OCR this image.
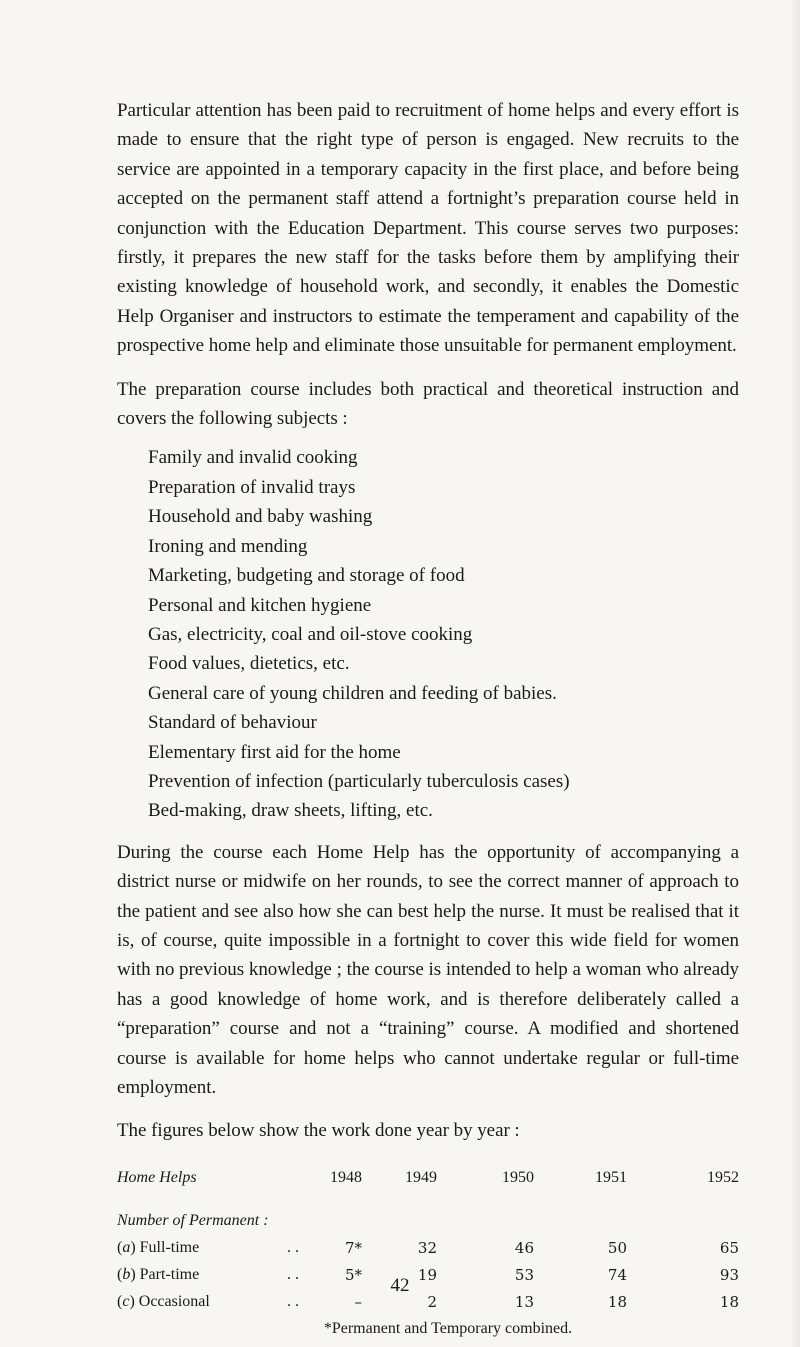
Particular attention has been paid to recruitment of home helps and every effort is made to ensure that the right type of person is engaged. New recruits to the service are appointed in a temporary capacity in the first place, and before being accepted on the permanent staff attend a fortnight’s preparation course held in conjunction with the Education Department. This course serves two purposes: firstly, it prepares the new staff for the tasks before them by amplifying their existing knowledge of household work, and secondly, it enables the Domestic Help Organiser and instructors to estimate the temperament and capability of the prospective home help and eliminate those unsuitable for permanent employment.

The preparation course includes both practical and theoretical instruction and covers the following subjects :

Family and invalid cooking
Preparation of invalid trays
Household and baby washing
Ironing and mending
Marketing, budgeting and storage of food
Personal and kitchen hygiene
Gas, electricity, coal and oil-stove cooking
Food values, dietetics, etc.
General care of young children and feeding of babies.
Standard of behaviour
Elementary first aid for the home
Prevention of infection (particularly tuberculosis cases)
Bed-making, draw sheets, lifting, etc.

During the course each Home Help has the opportunity of accompanying a district nurse or midwife on her rounds, to see the correct manner of approach to the patient and see also how she can best help the nurse. It must be realised that it is, of course, quite impossible in a fortnight to cover this wide field for women with no previous knowledge ; the course is intended to help a woman who already has a good knowledge of home work, and is therefore deliberately called a “preparation” course and not a “training” course. A modified and shortened course is available for home helps who cannot undertake regular or full-time employment.

The figures below show the work done year by year :

Home Helps		1948	1949	1950	1951	1952

Number of Permanent :						
(a) Full-time	. .	7*	32	46	50	65
(b) Part-time	. .	5*	19	53	74	93
(c) Occasional	. .	–	2	13	18	18
*Permanent and Temporary combined.
42
